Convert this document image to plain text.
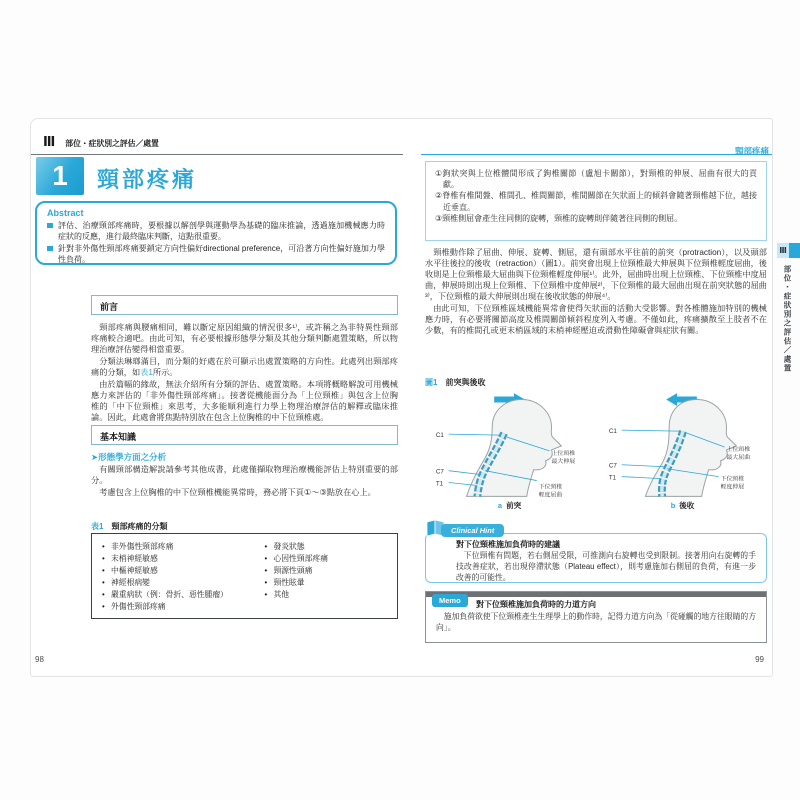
Ⅲ 部位・症狀別之評估／處置
1	頸部疼痛
Abstract
評估、治療頸部疼痛時，要根據以解剖學與運動學為基礎的臨床推論，透過施加機械應力時症狀的反應，進行最終臨床判斷，這點很重要。
針對非外傷性頸部疼痛要鎖定方向性偏好directional preference，可沿著方向性偏好施加力學性負荷。
前言

頸部疼痛與腰痛相同，難以斷定原因組織的情況很多¹⁾，或許稱之為非特異性頸部疼痛較合適吧。由此可知，有必要根據形態學分類及其他分類判斷處置策略，所以物理治療評估變得相當重要。

分類法琳瑯滿目，而分類的好處在於可顯示出處置策略的方向性。此處列出頸部疼痛的分類，如表1所示。

由於篇幅的緣故，無法介紹所有分類的評估、處置策略。本項將概略解說可用機械應力來評估的「非外傷性頸部疼痛」。接著從機能面分為「上位頸椎」與包含上位胸椎的「中下位頸椎」來思考，大多能順利進行力學上物理治療評估的解釋或臨床推論。因此，此處會將焦點特別放在包含上位胸椎的中下位頸椎處。

基本知識
➤形態學方面之分析

有關頸部構造解說請參考其他成書，此處僅擷取物理治療機能評估上特別重要的部分。

考慮包含上位胸椎的中下位頸椎機能異常時，務必將下頁①～③點放在心上。

表1 頸部疼痛的分類
• 非外傷性頸部疼痛
• 末梢神經敏感
• 中樞神經敏感
• 神經根病變
• 嚴重病狀（例：骨折、惡性腫瘤）
• 外傷性頸部疼痛
• 發炎狀態
• 心因性頸部疼痛
• 頸源性頭痛
• 頸性眩暈
• 其他
98
$_{頸部疼痛}$

①鉤狀突與上位椎體間形成了鉤椎關節（盧旭卡關節），對頸椎的伸展、屈曲有很大的貢獻。

②脊椎有椎間盤、椎間孔、椎間關節，椎間關節在矢狀面上的傾斜會隨著頸椎越下位，越接近垂直。

③頸椎側屈會產生往同側的旋轉，頸椎的旋轉則伴隨著往同側的側屈。

頸椎動作除了屈曲、伸展、旋轉、側屈，還有頭部水平往前的前突（protraction），以及頭部水平往後拉的後收（retraction）（圖1）。前突會出現上位頸椎最大伸展與下位頸椎輕度屈曲，後收則是上位頸椎最大屈曲與下位頸椎輕度伸展¹⁾。此外，屈曲時出現上位頸椎、下位頸椎中度屈曲，伸展時則出現上位頸椎、下位頸椎中度伸展²⁾，下位頸椎的最大屈曲出現在前突狀態的屈曲³⁾，下位頸椎的最大伸展則出現在後收狀態的伸展⁴⁾。

由此可知，下位頸椎區域機能異常會使得矢狀面的活動大受影響。對各椎體施加特別的機械應力時，有必要將關節高度及椎間關節傾斜程度列入考慮。不僅如此，疼痛擴散至上肢者不在少數，有的椎間孔或更末梢區域的末梢神經壓迫或滑動性障礙會與症狀有關。

圖1 前突與後收
C1
C7
T1
上位頸椎
最大伸展
下位頸椎
輕度屈曲
a 前突
C1
C7
T1
上位頸椎
最大屈曲
下位頸椎
輕度伸展
b 後收
Clinical Hint
對下位頸椎施加負荷時的建議
下位頸椎有問題，若右側屈受限，可推測向右旋轉也受到限制。接著用向右旋轉的手技改善症狀，若出現停滯狀態（Plateau effect），則考慮施加右側屈的負荷，有進一步改善的可能性。
Memo	對下位頸椎施加負荷時的力道方向
施加負荷欲使下位頸椎產生生理學上的動作時，記得力道方向為「從碰觸的地方往眼睛的方向」。
99
Ⅲ
部位・症狀別之評估／處置
